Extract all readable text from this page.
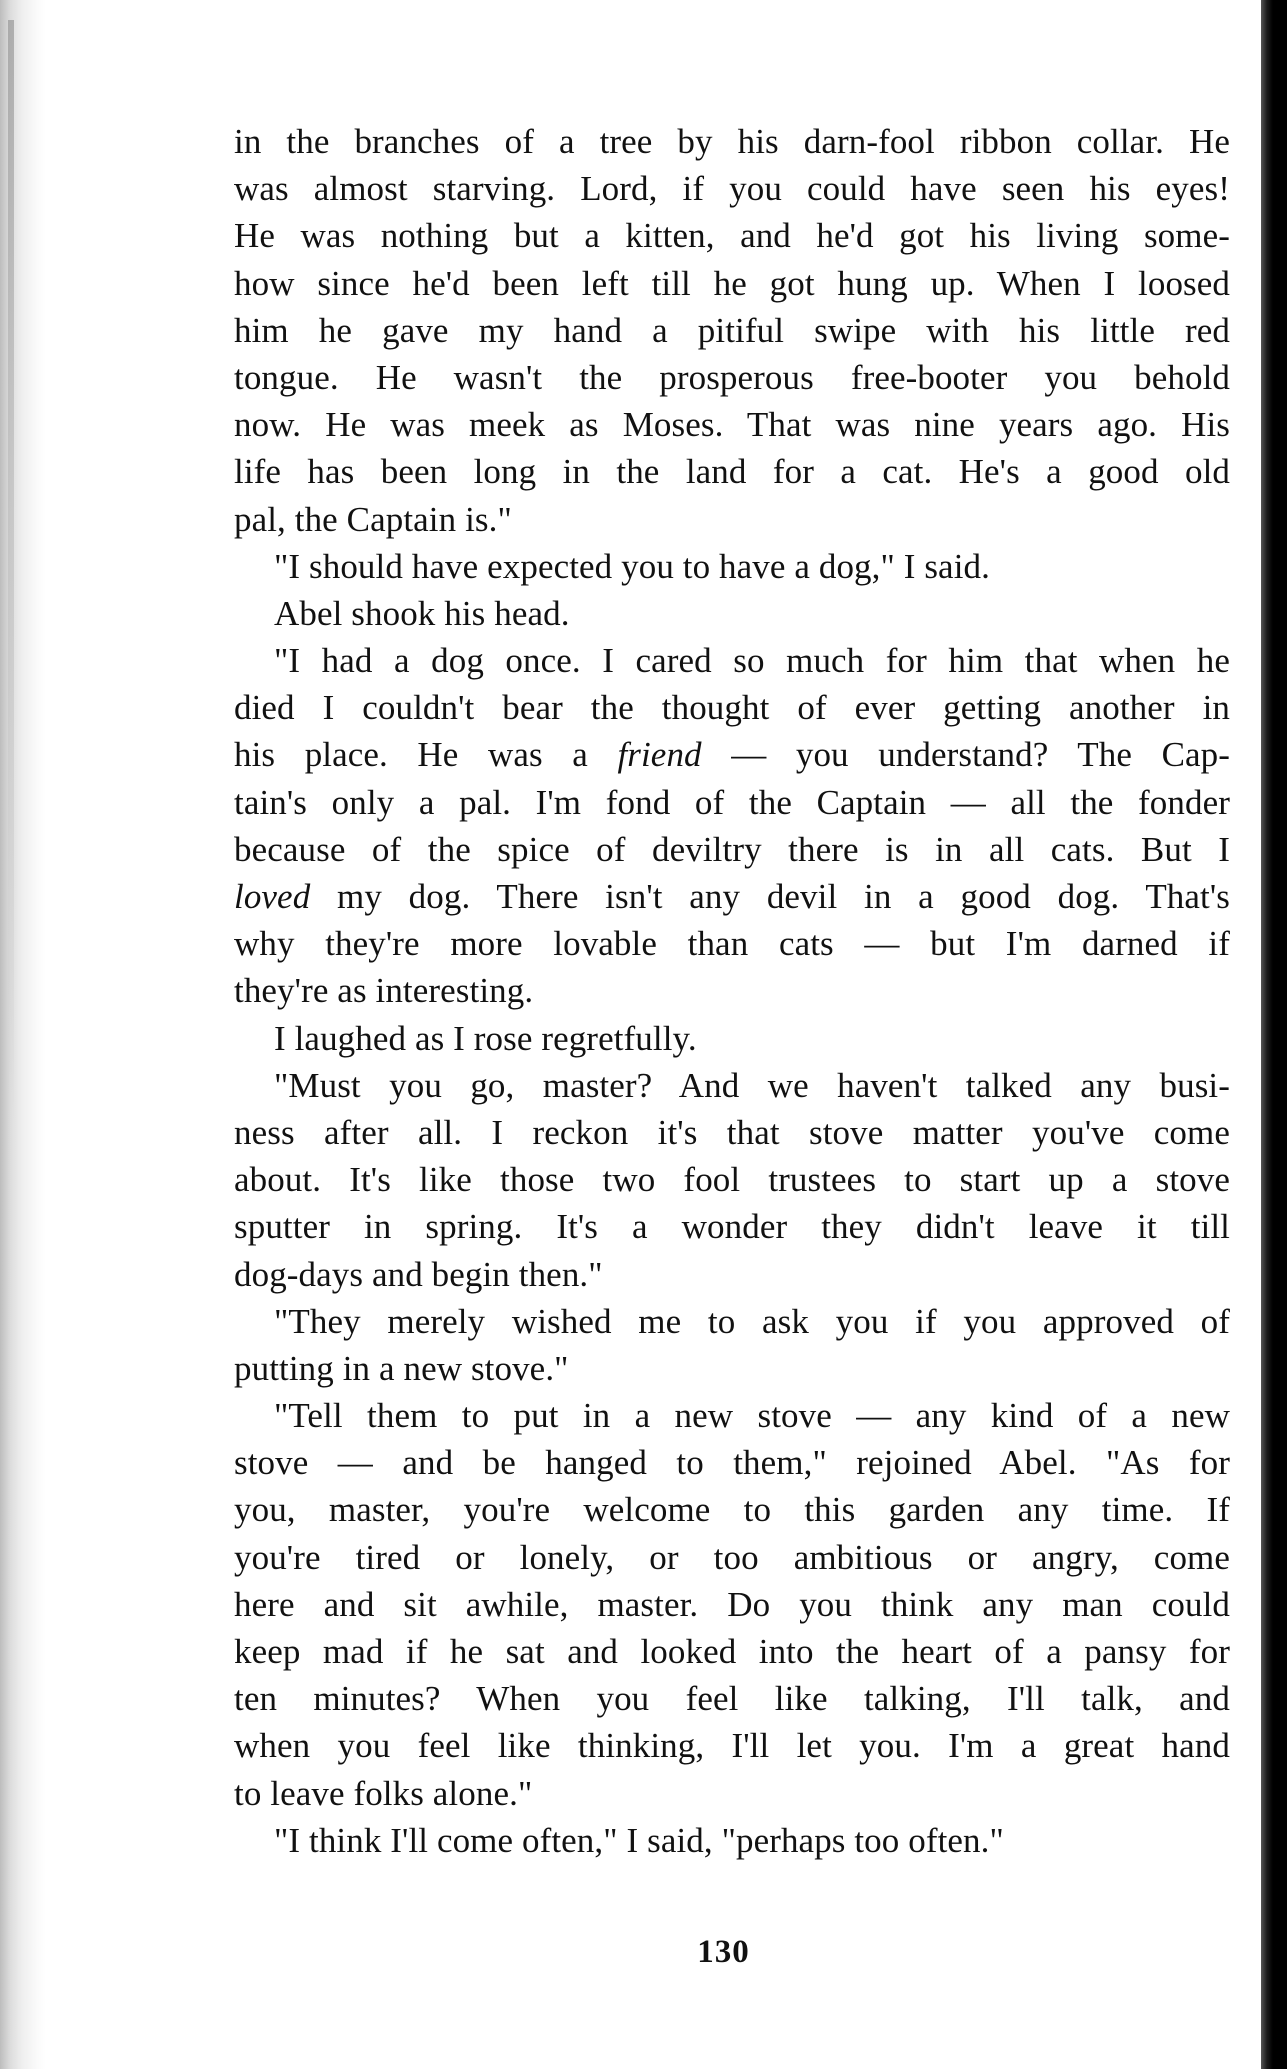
in the branches of a tree by his darn-fool ribbon collar. He
was almost starving. Lord, if you could have seen his eyes!
He was nothing but a kitten, and he'd got his living some-
how since he'd been left till he got hung up. When I loosed
him he gave my hand a pitiful swipe with his little red
tongue. He wasn't the prosperous free-booter you behold
now. He was meek as Moses. That was nine years ago. His
life has been long in the land for a cat. He's a good old
pal, the Captain is."
"I should have expected you to have a dog," I said.
Abel shook his head.
"I had a dog once. I cared so much for him that when he
died I couldn't bear the thought of ever getting another in
his place. He was a friend — you understand? The Cap-
tain's only a pal. I'm fond of the Captain — all the fonder
because of the spice of deviltry there is in all cats. But I
loved my dog. There isn't any devil in a good dog. That's
why they're more lovable than cats — but I'm darned if
they're as interesting.
I laughed as I rose regretfully.
"Must you go, master? And we haven't talked any busi-
ness after all. I reckon it's that stove matter you've come
about. It's like those two fool trustees to start up a stove
sputter in spring. It's a wonder they didn't leave it till
dog-days and begin then."
"They merely wished me to ask you if you approved of
putting in a new stove."
"Tell them to put in a new stove — any kind of a new
stove — and be hanged to them," rejoined Abel. "As for
you, master, you're welcome to this garden any time. If
you're tired or lonely, or too ambitious or angry, come
here and sit awhile, master. Do you think any man could
keep mad if he sat and looked into the heart of a pansy for
ten minutes? When you feel like talking, I'll talk, and
when you feel like thinking, I'll let you. I'm a great hand
to leave folks alone."
"I think I'll come often," I said, "perhaps too often."
130
